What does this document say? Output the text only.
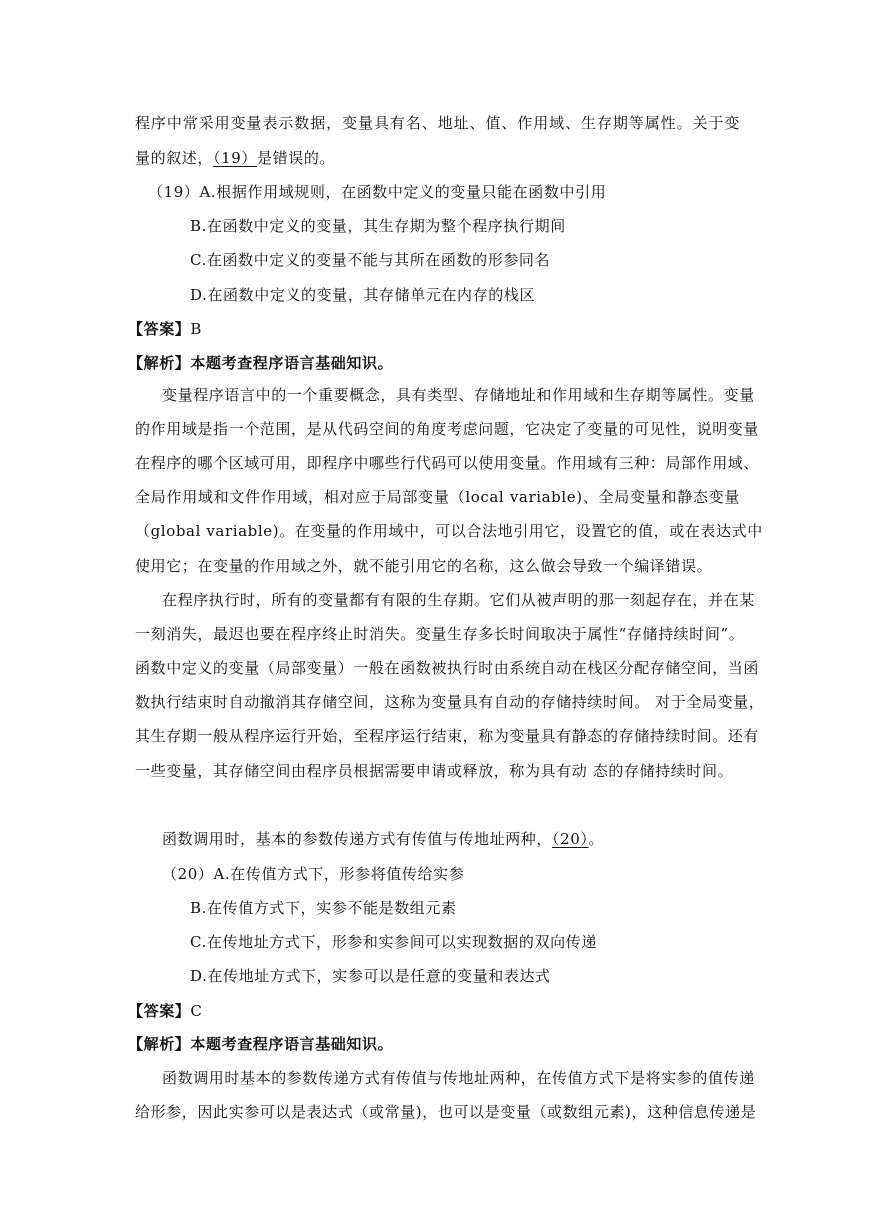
程序中常采用变量表示数据，变量具有名、地址、值、作用域、生存期等属性。关于变
量的叙述，（19）是错误的。
（19）A.根据作用域规则，在函数中定义的变量只能在函数中引用
B.在函数中定义的变量，其生存期为整个程序执行期间
C.在函数中定义的变量不能与其所在函数的形参同名
D.在函数中定义的变量，其存储单元在内存的栈区
【答案】B
【解析】本题考查程序语言基础知识。
变量程序语言中的一个重要概念，具有类型、存储地址和作用域和生存期等属性。变量
的作用域是指一个范围，是从代码空间的角度考虑问题，它决定了变量的可见性，说明变量
在程序的哪个区域可用，即程序中哪些行代码可以使用变量。作用域有三种：局部作用域、
全局作用域和文件作用域，相对应于局部变量（local variable)、全局变量和静态变量
（global variable)。在变量的作用域中，可以合法地引用它，设置它的值，或在表达式中
使用它；在变量的作用域之外，就不能引用它的名称，这么做会导致一个编译错误。
在程序执行时，所有的变量都有有限的生存期。它们从被声明的那一刻起存在，并在某
一刻消失，最迟也要在程序终止时消失。变量生存多长时间取决于属性“存储持续时间”。
函数中定义的变量（局部变量）一般在函数被执行时由系统自动在栈区分配存储空间，当函
数执行结束时自动撤消其存储空间，这称为变量具有自动的存储持续时间。 对于全局变量，
其生存期一般从程序运行开始，至程序运行结束，称为变量具有静态的存储持续时间。还有
一些变量，其存储空间由程序员根据需要申请或释放，称为具有动 态的存储持续时间。
函数调用时，基本的参数传递方式有传值与传地址两种，（20）。
（20）A.在传值方式下，形参将值传给实参
B.在传值方式下，实参不能是数组元素
C.在传地址方式下，形参和实参间可以实现数据的双向传递
D.在传地址方式下，实参可以是任意的变量和表达式
【答案】C
【解析】本题考查程序语言基础知识。
函数调用时基本的参数传递方式有传值与传地址两种，在传值方式下是将实参的值传递
给形参，因此实参可以是表达式（或常量)，也可以是变量（或数组元素)，这种信息传递是
